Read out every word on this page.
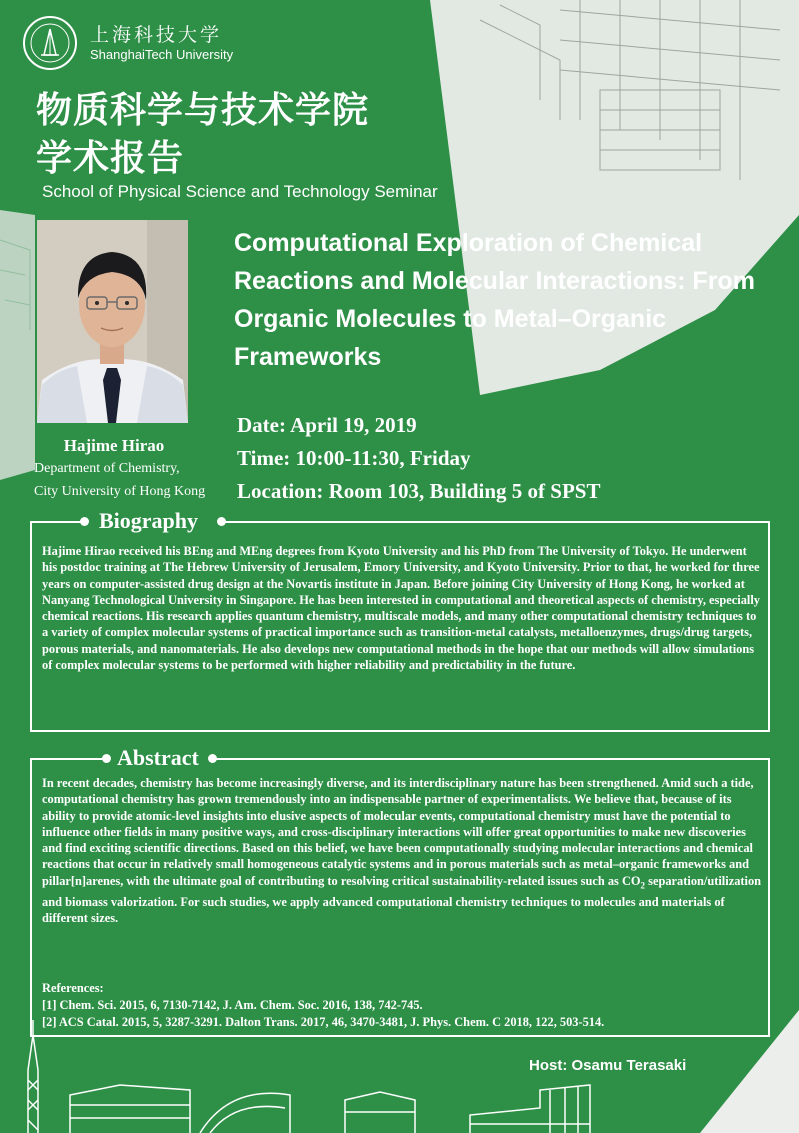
上海科技大学
ShanghaiTech University
物质科学与技术学院
学术报告
School of Physical Science and Technology Seminar
Hajime Hirao
Department of Chemistry,
City University of Hong Kong
Computational Exploration of Chemical Reactions and Molecular Interactions: From Organic Molecules to Metal–Organic Frameworks
Date: April 19, 2019
Time: 10:00-11:30, Friday
Location: Room 103, Building 5 of SPST
Biography
Hajime Hirao received his BEng and MEng degrees from Kyoto University and his PhD from The University of Tokyo. He underwent his postdoc training at The Hebrew University of Jerusalem, Emory University, and Kyoto University. Prior to that, he worked for three years on computer-assisted drug design at the Novartis institute in Japan. Before joining City University of Hong Kong, he worked at Nanyang Technological University in Singapore. He has been interested in computational and theoretical aspects of chemistry, especially chemical reactions. His research applies quantum chemistry, multiscale models, and many other computational chemistry techniques to a variety of complex molecular systems of practical importance such as transition-metal catalysts, metalloenzymes, drugs/drug targets, porous materials, and nanomaterials. He also develops new computational methods in the hope that our methods will allow simulations of complex molecular systems to be performed with higher reliability and predictability in the future.
Abstract
In recent decades, chemistry has become increasingly diverse, and its interdisciplinary nature has been strengthened. Amid such a tide, computational chemistry has grown tremendously into an indispensable partner of experimentalists. We believe that, because of its ability to provide atomic-level insights into elusive aspects of molecular events, computational chemistry must have the potential to influence other fields in many positive ways, and cross-disciplinary interactions will offer great opportunities to make new discoveries and find exciting scientific directions. Based on this belief, we have been computationally studying molecular interactions and chemical reactions that occur in relatively small homogeneous catalytic systems and in porous materials such as metal–organic frameworks and pillar[n]arenes, with the ultimate goal of contributing to resolving critical sustainability-related issues such as $CO_2$ separation/utilization and biomass valorization. For such studies, we apply advanced computational chemistry techniques to molecules and materials of different sizes.
References:
[1] Chem. Sci. 2015, 6, 7130-7142, J. Am. Chem. Soc. 2016, 138, 742-745.
[2] ACS Catal. 2015, 5, 3287-3291. Dalton Trans. 2017, 46, 3470-3481, J. Phys. Chem. C 2018, 122, 503-514.
Host: Osamu Terasaki
